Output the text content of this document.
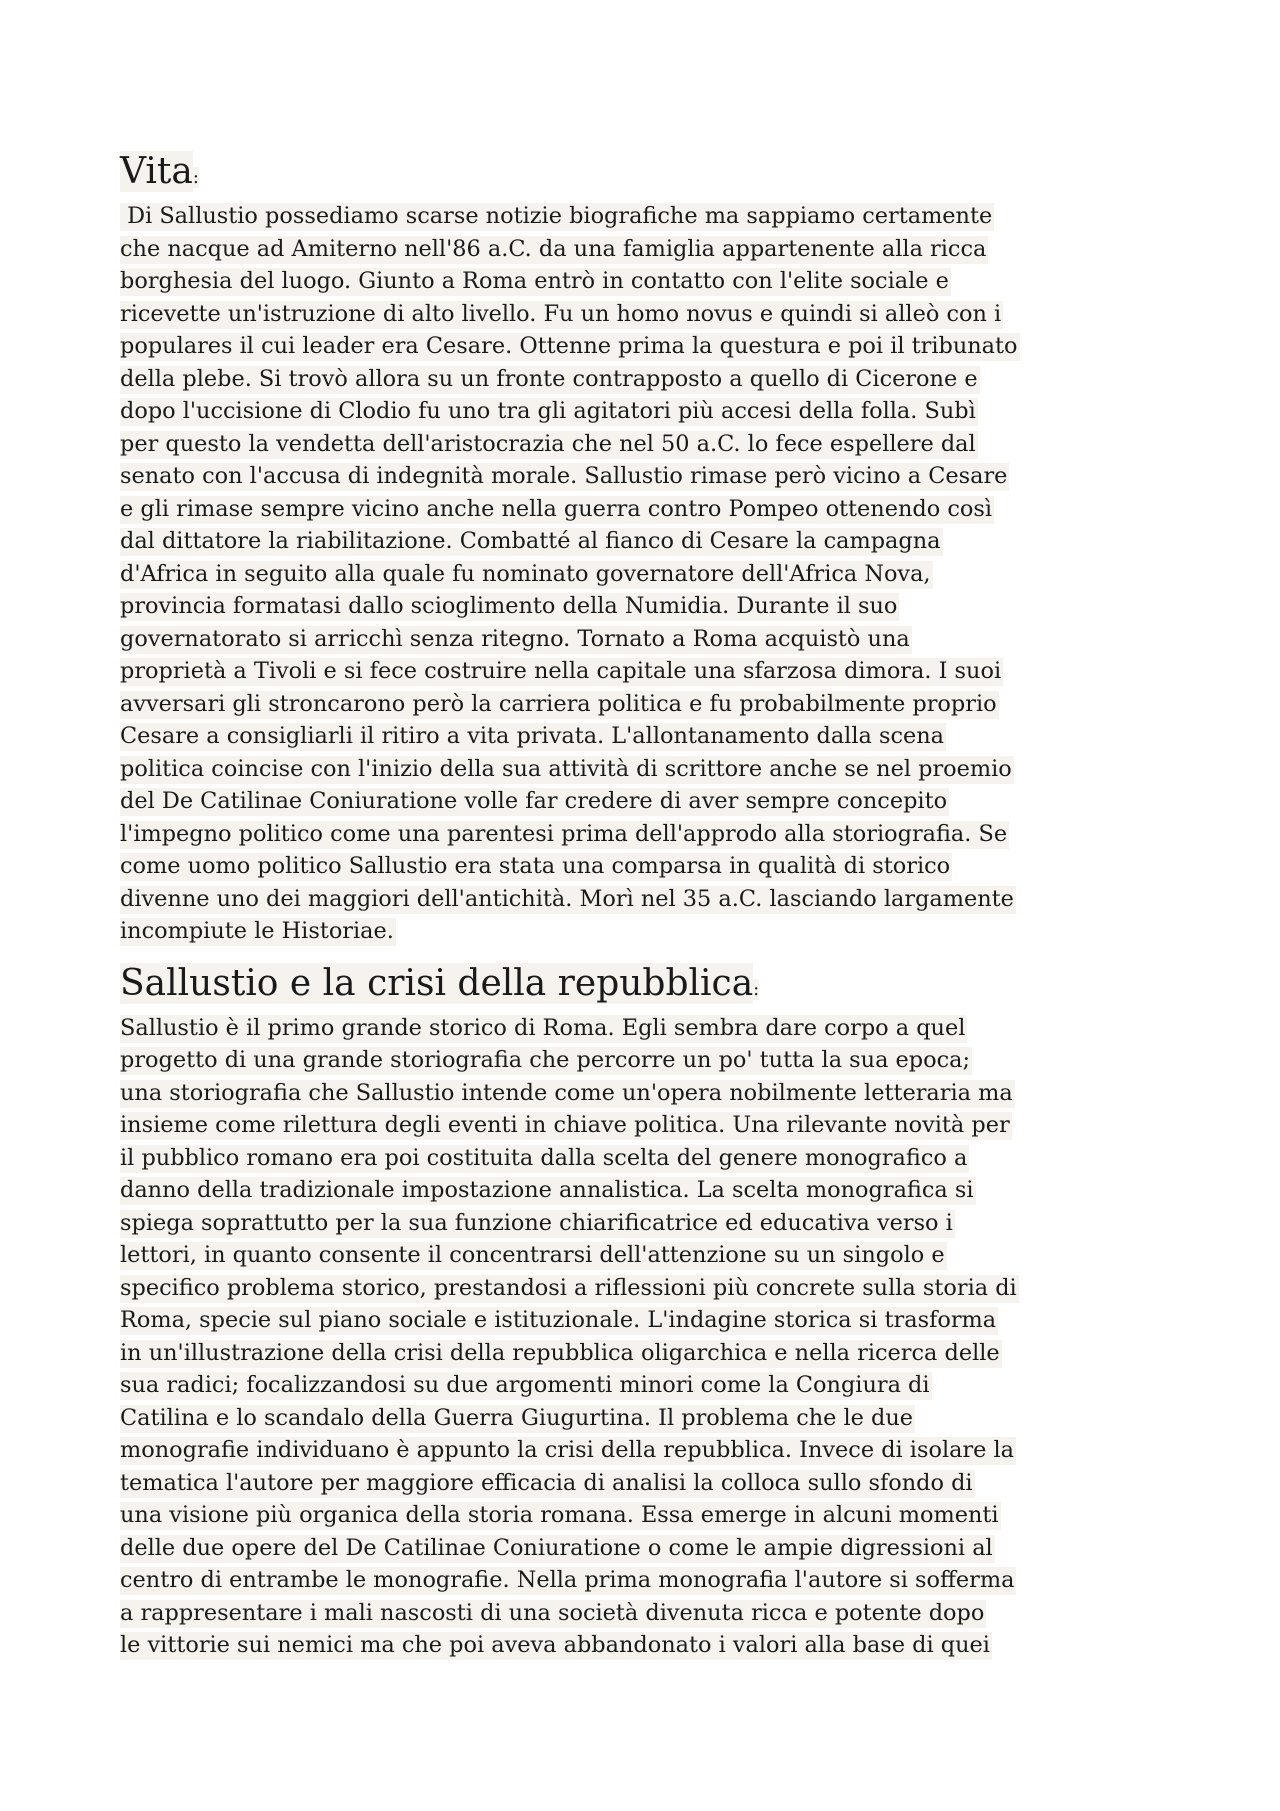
Vita:
Di Sallustio possediamo scarse notizie biografiche ma sappiamo certamente
che nacque ad Amiterno nell'86 a.C. da una famiglia appartenente alla ricca
borghesia del luogo. Giunto a Roma entrò in contatto con l'elite sociale e
ricevette un'istruzione di alto livello. Fu un homo novus e quindi si alleò con i
populares il cui leader era Cesare. Ottenne prima la questura e poi il tribunato
della plebe. Si trovò allora su un fronte contrapposto a quello di Cicerone e
dopo l'uccisione di Clodio fu uno tra gli agitatori più accesi della folla. Subì
per questo la vendetta dell'aristocrazia che nel 50 a.C. lo fece espellere dal
senato con l'accusa di indegnità morale. Sallustio rimase però vicino a Cesare
e gli rimase sempre vicino anche nella guerra contro Pompeo ottenendo così
dal dittatore la riabilitazione. Combatté al fianco di Cesare la campagna
d'Africa in seguito alla quale fu nominato governatore dell'Africa Nova,
provincia formatasi dallo scioglimento della Numidia. Durante il suo
governatorato si arricchì senza ritegno. Tornato a Roma acquistò una
proprietà a Tivoli e si fece costruire nella capitale una sfarzosa dimora. I suoi
avversari gli stroncarono però la carriera politica e fu probabilmente proprio
Cesare a consigliarli il ritiro a vita privata. L'allontanamento dalla scena
politica coincise con l'inizio della sua attività di scrittore anche se nel proemio
del De Catilinae Coniuratione volle far credere di aver sempre concepito
l'impegno politico come una parentesi prima dell'approdo alla storiografia. Se
come uomo politico Sallustio era stata una comparsa in qualità di storico
divenne uno dei maggiori dell'antichità. Morì nel 35 a.C. lasciando largamente
incompiute le Historiae.
Sallustio e la crisi della repubblica:
Sallustio è il primo grande storico di Roma. Egli sembra dare corpo a quel
progetto di una grande storiografia che percorre un po' tutta la sua epoca;
una storiografia che Sallustio intende come un'opera nobilmente letteraria ma
insieme come rilettura degli eventi in chiave politica. Una rilevante novità per
il pubblico romano era poi costituita dalla scelta del genere monografico a
danno della tradizionale impostazione annalistica. La scelta monografica si
spiega soprattutto per la sua funzione chiarificatrice ed educativa verso i
lettori, in quanto consente il concentrarsi dell'attenzione su un singolo e
specifico problema storico, prestandosi a riflessioni più concrete sulla storia di
Roma, specie sul piano sociale e istituzionale. L'indagine storica si trasforma
in un'illustrazione della crisi della repubblica oligarchica e nella ricerca delle
sua radici; focalizzandosi su due argomenti minori come la Congiura di
Catilina e lo scandalo della Guerra Giugurtina. Il problema che le due
monografie individuano è appunto la crisi della repubblica. Invece di isolare la
tematica l'autore per maggiore efficacia di analisi la colloca sullo sfondo di
una visione più organica della storia romana. Essa emerge in alcuni momenti
delle due opere del De Catilinae Coniuratione o come le ampie digressioni al
centro di entrambe le monografie. Nella prima monografia l'autore si sofferma
a rappresentare i mali nascosti di una società divenuta ricca e potente dopo
le vittorie sui nemici ma che poi aveva abbandonato i valori alla base di quei
